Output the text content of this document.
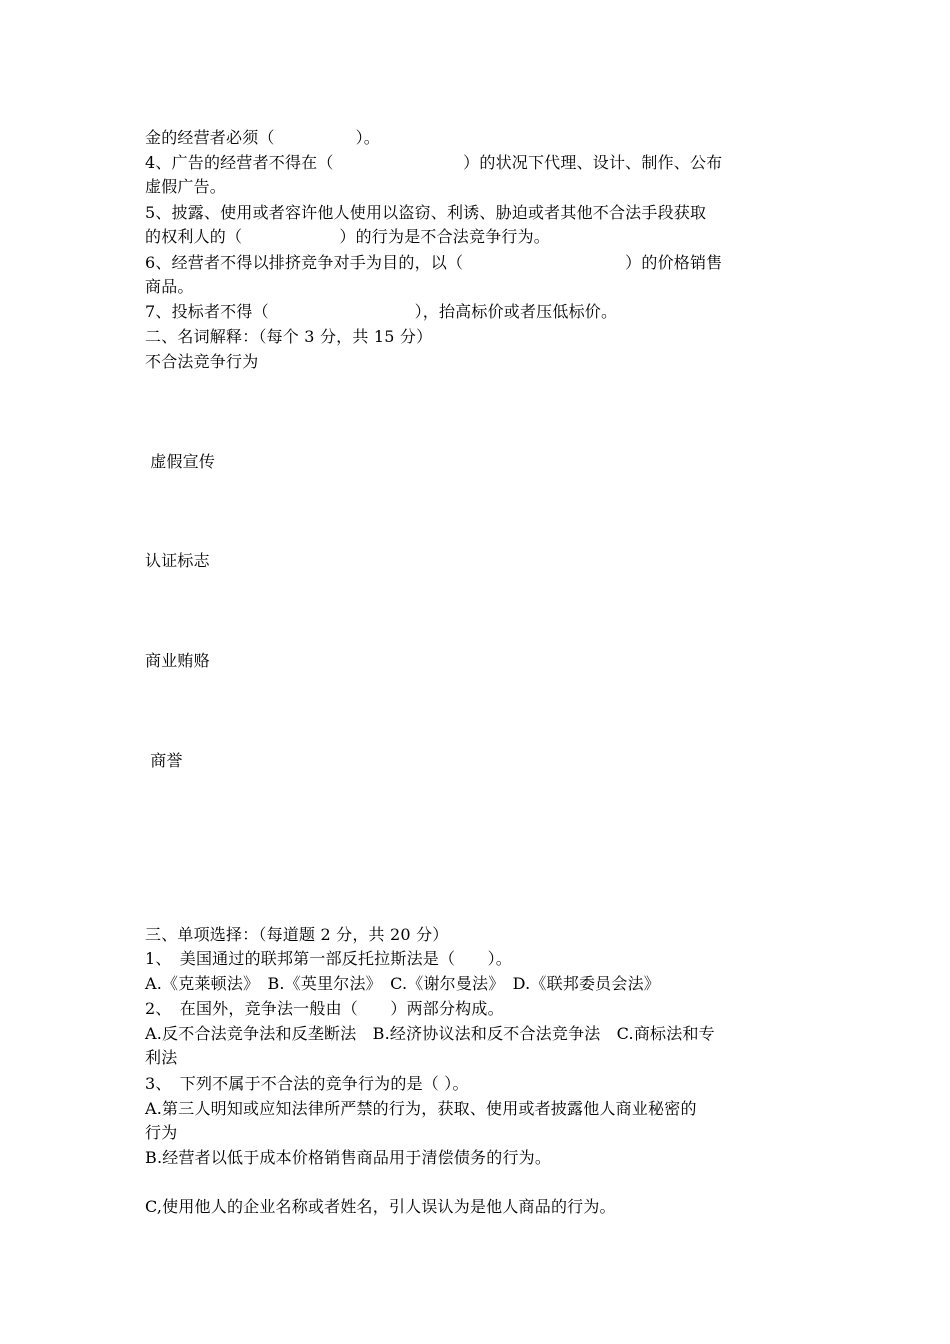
金的经营者必须（　　　　　）。
4、广告的经营者不得在（　　　　　　　　）的状况下代理、设计、制作、公布
虚假广告。
5、披露、使用或者容许他人使用以盗窃、利诱、胁迫或者其他不合法手段获取
的权利人的（　　　　　　）的行为是不合法竞争行为。
6、经营者不得以排挤竞争对手为目的，以（　　　　　　　　　　）的价格销售
商品。
7、投标者不得（　　　　　　　　　），抬高标价或者压低标价。
二、名词解释：（每个 3 分，共 15 分）
不合法竞争行为
虚假宣传
认证标志
商业贿赂
商誉
三、单项选择：（每道题 2 分，共 20 分）
1、　美国通过的联邦第一部反托拉斯法是（　　）。
A.《克莱顿法》　B.《英里尔法》　C.《谢尔曼法》　D.《联邦委员会法》
2、　在国外，竞争法一般由（　　）两部分构成。
A.反不合法竞争法和反垄断法　B.经济协议法和反不合法竞争法　C.商标法和专
利法
3、　下列不属于不合法的竞争行为的是（ ）。
A.第三人明知或应知法律所严禁的行为，获取、使用或者披露他人商业秘密的
行为
B.经营者以低于成本价格销售商品用于清偿债务的行为。
C,使用他人的企业名称或者姓名，引人误认为是他人商品的行为。
